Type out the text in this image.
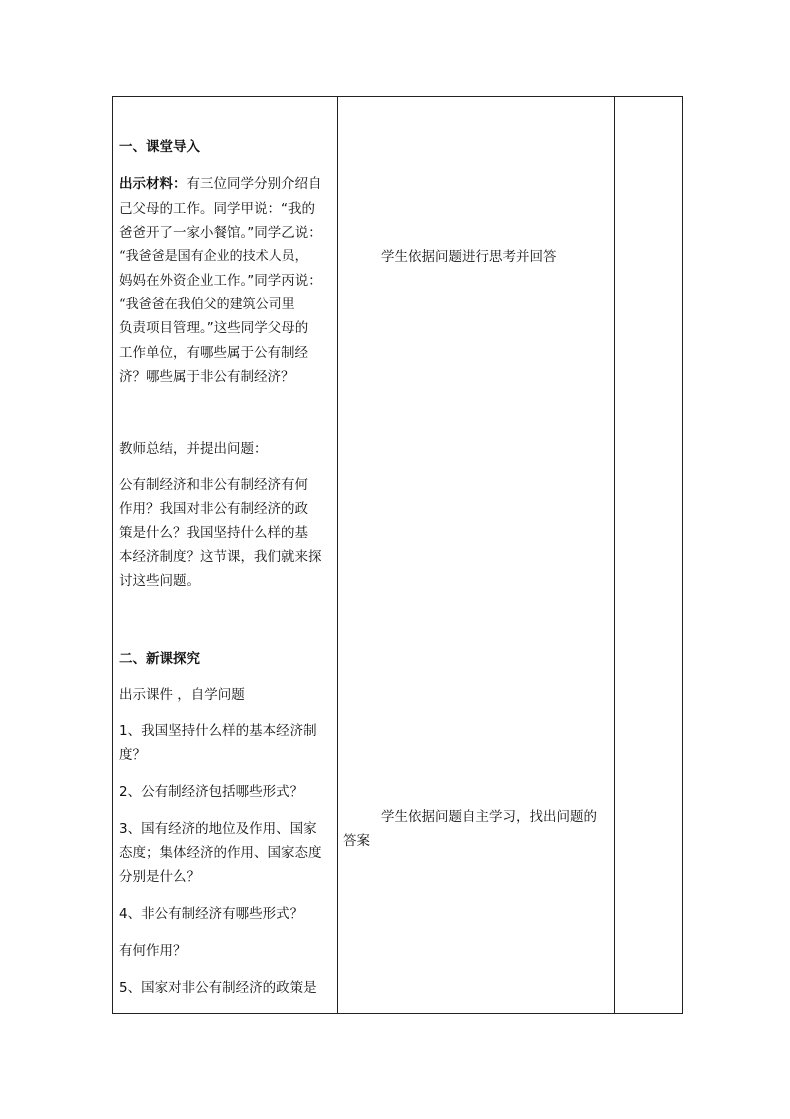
一、课堂导入
出示材料：有三位同学分别介绍自
己父母的工作。同学甲说：“我的
爸爸开了一家小餐馆。”同学乙说：
“我爸爸是国有企业的技术人员，
妈妈在外资企业工作。”同学丙说：
“我爸爸在我伯父的建筑公司里
负责项目管理。”这些同学父母的
工作单位，有哪些属于公有制经
济？哪些属于非公有制经济？
教师总结，并提出问题：
公有制经济和非公有制经济有何
作用？我国对非公有制经济的政
策是什么？我国坚持什么样的基
本经济制度？这节课，我们就来探
讨这些问题。
二、新课探究
出示课件 ，自学问题
1、我国坚持什么样的基本经济制
度？
2、公有制经济包括哪些形式？
3、国有经济的地位及作用、国家
态度；集体经济的作用、国家态度
分别是什么？
4、非公有制经济有哪些形式？
有何作用？
5、国家对非公有制经济的政策是
学生依据问题进行思考并回答
学生依据问题自主学习，找出问题的
答案
